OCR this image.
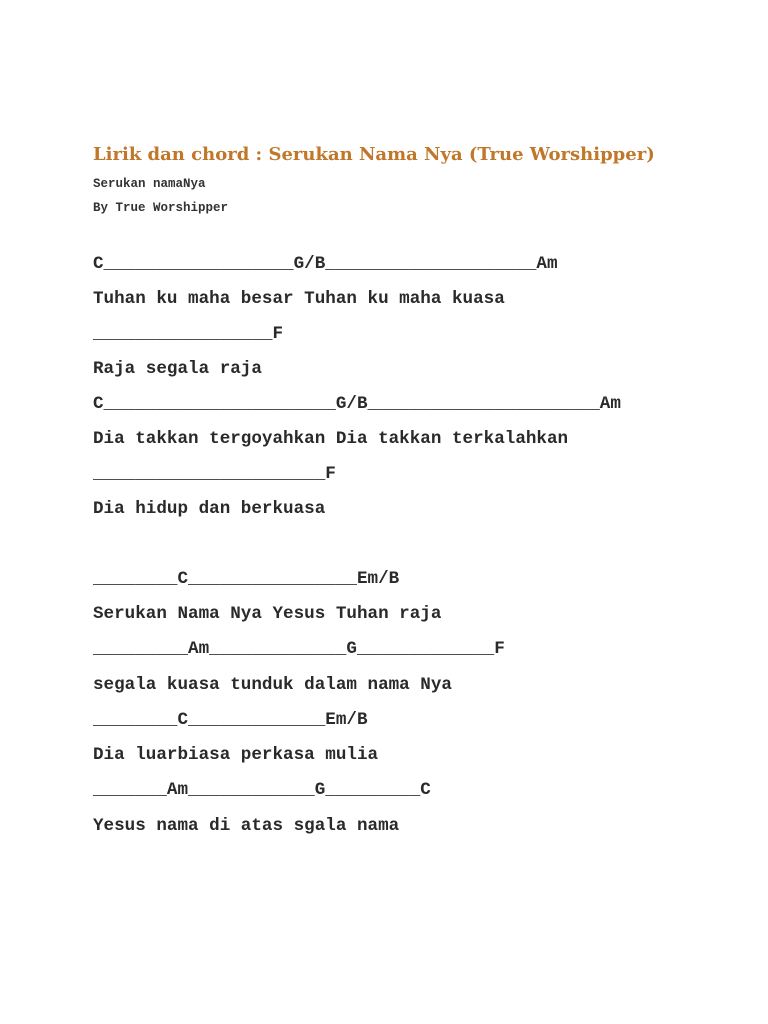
Lirik dan chord : Serukan Nama Nya (True Worshipper)
Serukan namaNya
By True Worshipper
C__________________G/B____________________Am
Tuhan ku maha besar Tuhan ku maha kuasa
_________________F
Raja segala raja
C______________________G/B______________________Am
Dia takkan tergoyahkan Dia takkan terkalahkan
______________________F
Dia hidup dan berkuasa
________C________________Em/B
Serukan Nama Nya Yesus Tuhan raja
_________Am_____________G_____________F
segala kuasa tunduk dalam nama Nya
________C_____________Em/B
Dia luarbiasa perkasa mulia
_______Am____________G_________C
Yesus nama di atas sgala nama
